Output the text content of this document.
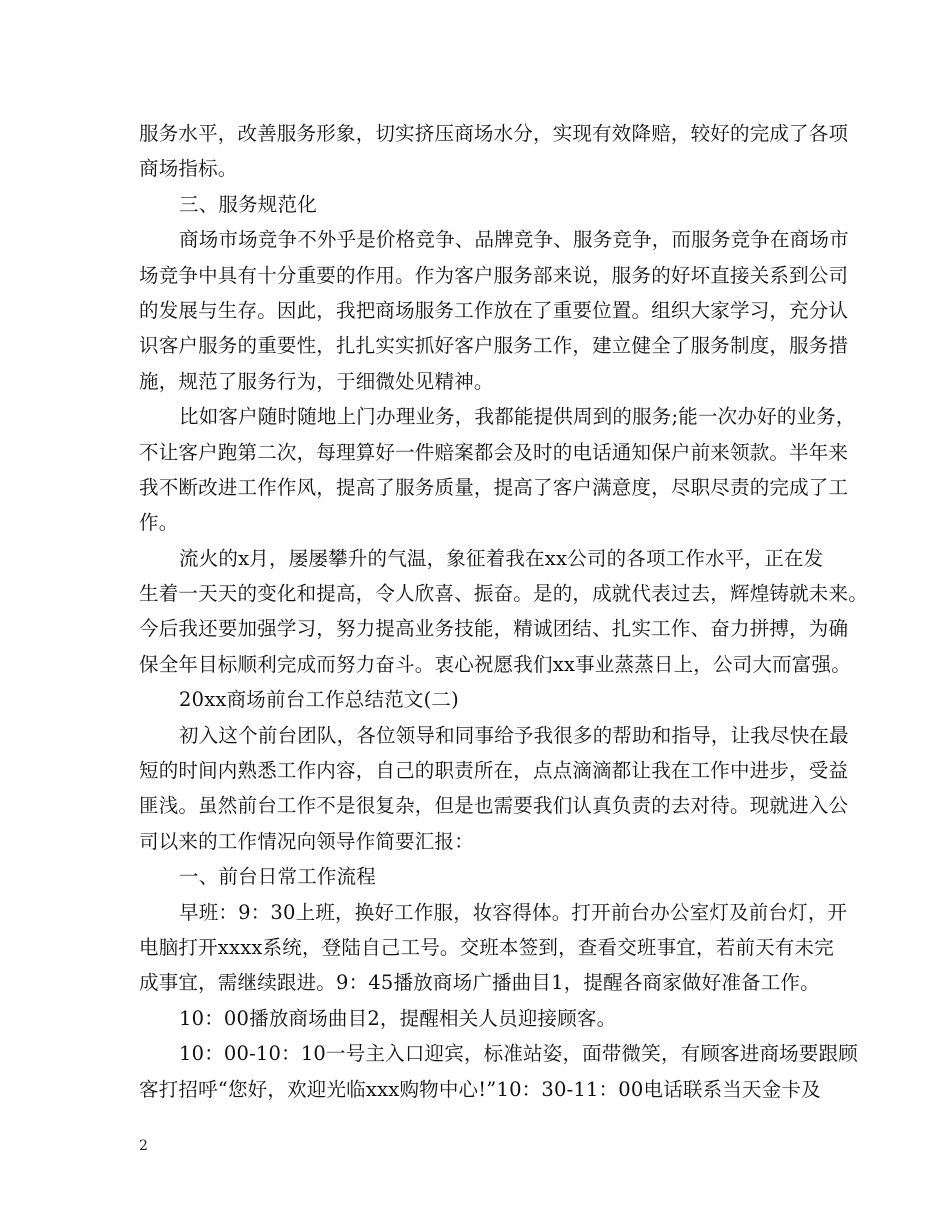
服务水平，改善服务形象，切实挤压商场水分，实现有效降赔，较好的完成了各项
商场指标。
三、服务规范化
商场市场竞争不外乎是价格竞争、品牌竞争、服务竞争，而服务竞争在商场市
场竞争中具有十分重要的作用。作为客户服务部来说，服务的好坏直接关系到公司
的发展与生存。因此，我把商场服务工作放在了重要位置。组织大家学习，充分认
识客户服务的重要性，扎扎实实抓好客户服务工作，建立健全了服务制度，服务措
施，规范了服务行为，于细微处见精神。
比如客户随时随地上门办理业务，我都能提供周到的服务;能一次办好的业务，
不让客户跑第二次，每理算好一件赔案都会及时的电话通知保户前来领款。半年来
我不断改进工作作风，提高了服务质量，提高了客户满意度，尽职尽责的完成了工
作。
流火的x月，屡屡攀升的气温，象征着我在xx公司的各项工作水平，正在发
生着一天天的变化和提高，令人欣喜、振奋。是的，成就代表过去，辉煌铸就未来。
今后我还要加强学习，努力提高业务技能，精诚团结、扎实工作、奋力拼搏，为确
保全年目标顺利完成而努力奋斗。衷心祝愿我们xx事业蒸蒸日上，公司大而富强。
20xx商场前台工作总结范文(二)
初入这个前台团队，各位领导和同事给予我很多的帮助和指导，让我尽快在最
短的时间内熟悉工作内容，自己的职责所在，点点滴滴都让我在工作中进步，受益
匪浅。虽然前台工作不是很复杂，但是也需要我们认真负责的去对待。现就进入公
司以来的工作情况向领导作简要汇报：
一、前台日常工作流程
早班：9：30上班，换好工作服，妆容得体。打开前台办公室灯及前台灯，开
电脑打开xxxx系统，登陆自己工号。交班本签到，查看交班事宜，若前天有未完
成事宜，需继续跟进。9：45播放商场广播曲目1，提醒各商家做好准备工作。
10：00播放商场曲目2，提醒相关人员迎接顾客。
10：00-10：10一号主入口迎宾，标准站姿，面带微笑，有顾客进商场要跟顾
客打招呼“您好，欢迎光临xxx购物中心!”10：30-11：00电话联系当天金卡及
2
